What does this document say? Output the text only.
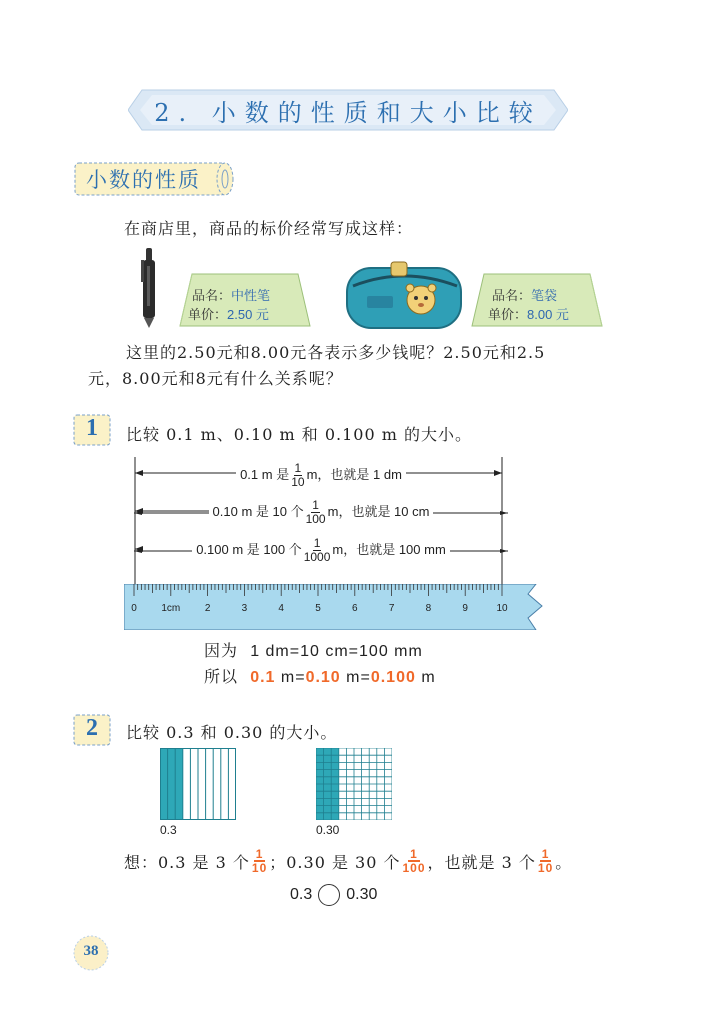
2. 小数的性质和大小比较
小数的性质
在商店里，商品的标价经常写成这样：
品名：中性笔
单价：2.50 元
品名：笔袋
单价：8.00 元
这里的2.50元和8.00元各表示多少钱呢？2.50元和2.5
元，8.00元和8元有什么关系呢？
1 比较 0.1 m、0.10 m 和 0.100 m 的大小。
0.1 m 是 $\frac{1}{10}$ m，也就是 1 dm
0.10 m 是 10 个 $\frac{1}{100}$ m，也就是 10 cm
0.100 m 是 100 个 $\frac{1}{1000}$ m，也就是 100 mm
0 1cm 2	3	4	5	6	7	8	9	10
因为 1 dm=10 cm=100 mm
所以 0.1 m=0.10 m=0.100 m
2 比较 0.3 和 0.30 的大小。
0.3	0.30
想：0.3 是 3 个 1
10 ；0.30 是 30 个 1
100 ，也就是 3 个 1
10 。
0.3 0.30
38
